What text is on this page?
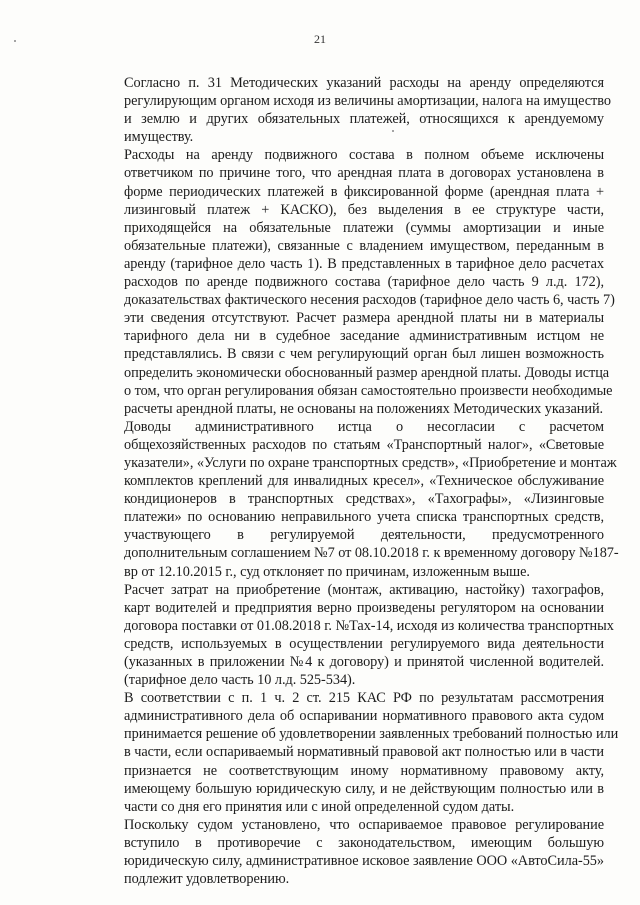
21
Согласно п. 31 Методических указаний расходы на аренду определяются
регулирующим органом исходя из величины амортизации, налога на имущество
и землю и других обязательных платежей, относящихся к арендуемому
имуществу.
Расходы на аренду подвижного состава в полном объеме исключены
ответчиком по причине того, что арендная плата в договорах установлена в
форме периодических платежей в фиксированной форме (арендная плата +
лизинговый платеж + КАСКО), без выделения в ее структуре части,
приходящейся на обязательные платежи (суммы амортизации и иные
обязательные платежи), связанные с владением имуществом, переданным в
аренду (тарифное дело часть 1). В представленных в тарифное дело расчетах
расходов по аренде подвижного состава (тарифное дело часть 9 л.д. 172),
доказательствах фактического несения расходов (тарифное дело часть 6, часть 7)
эти сведения отсутствуют. Расчет размера арендной платы ни в материалы
тарифного дела ни в судебное заседание административным истцом не
представлялись. В связи с чем регулирующий орган был лишен возможность
определить экономически обоснованный размер арендной платы. Доводы истца
о том, что орган регулирования обязан самостоятельно произвести необходимые
расчеты арендной платы, не основаны на положениях Методических указаний.
Доводы административного истца о несогласии с расчетом
общехозяйственных расходов по статьям «Транспортный налог», «Световые
указатели», «Услуги по охране транспортных средств», «Приобретение и монтаж
комплектов креплений для инвалидных кресел», «Техническое обслуживание
кондиционеров в транспортных средствах», «Тахографы», «Лизинговые
платежи» по основанию неправильного учета списка транспортных средств,
участвующего в регулируемой деятельности, предусмотренного
дополнительным соглашением №7 от 08.10.2018 г. к временному договору №187-
вр от 12.10.2015 г., суд отклоняет по причинам, изложенным выше.
Расчет затрат на приобретение (монтаж, активацию, настойку) тахографов,
карт водителей и предприятия верно произведены регулятором на основании
договора поставки от 01.08.2018 г. №Тах-14, исходя из количества транспортных
средств, используемых в осуществлении регулируемого вида деятельности
(указанных в приложении №4 к договору) и принятой численной водителей.
(тарифное дело часть 10 л.д. 525-534).
В соответствии с п. 1 ч. 2 ст. 215 КАС РФ по результатам рассмотрения
административного дела об оспаривании нормативного правового акта судом
принимается решение об удовлетворении заявленных требований полностью или
в части, если оспариваемый нормативный правовой акт полностью или в части
признается не соответствующим иному нормативному правовому акту,
имеющему большую юридическую силу, и не действующим полностью или в
части со дня его принятия или с иной определенной судом даты.
Поскольку судом установлено, что оспариваемое правовое регулирование
вступило в противоречие с законодательством, имеющим большую
юридическую силу, административное исковое заявление ООО «АвтоСила-55»
подлежит удовлетворению.
